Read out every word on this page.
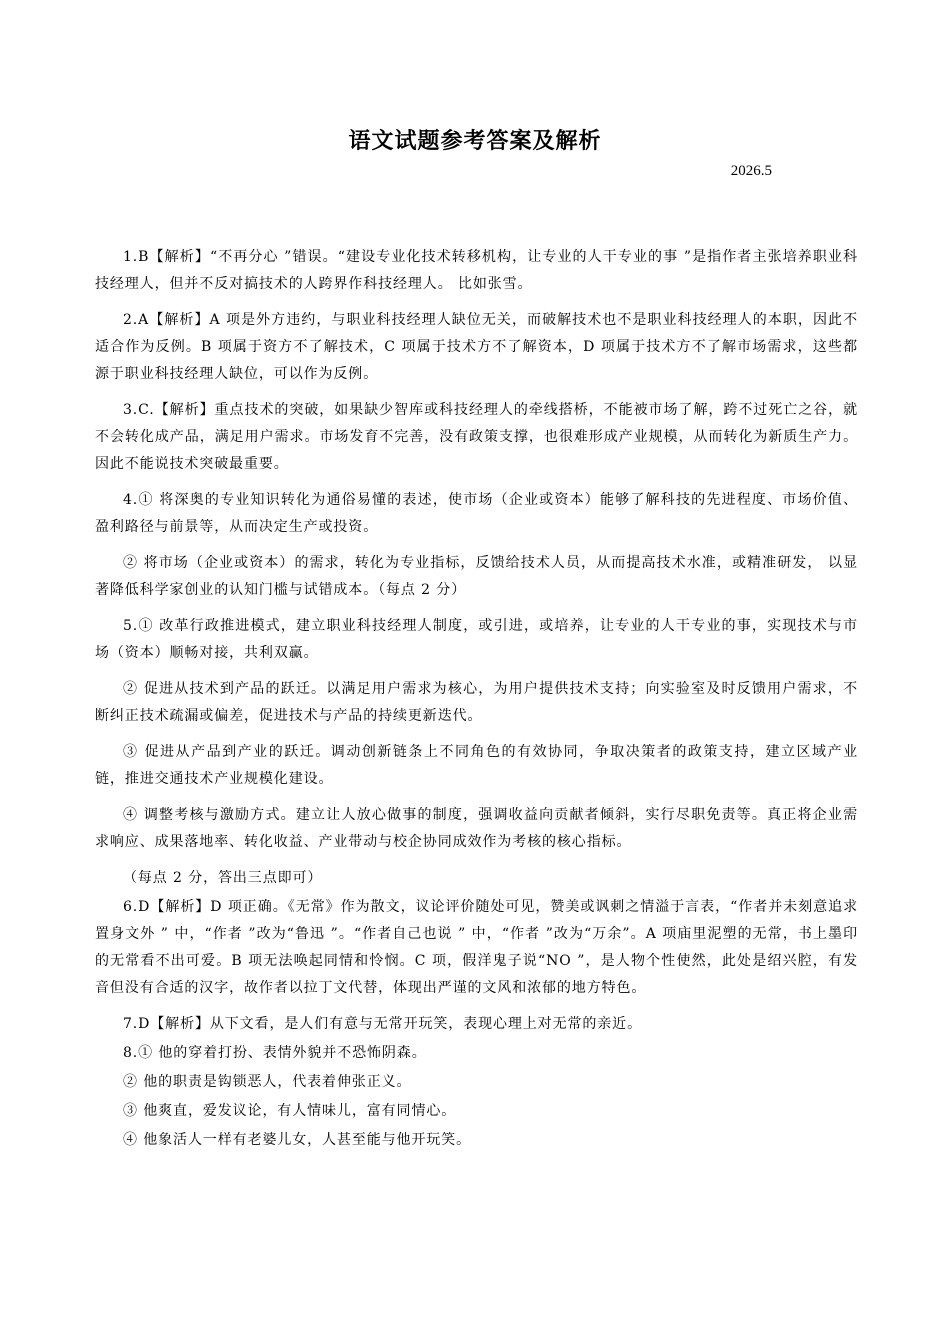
语文试题参考答案及解析
2026.5

1.B【解析】“不再分心 ”错误。“建设专业化技术转移机构，让专业的人干专业的事 ”是指作者主张培养职业科技经理人，但并不反对搞技术的人跨界作科技经理人。 比如张雪。

2.A【解析】A 项是外方违约，与职业科技经理人缺位无关，而破解技术也不是职业科技经理人的本职，因此不适合作为反例。B 项属于资方不了解技术，C 项属于技术方不了解资本，D 项属于技术方不了解市场需求，这些都源于职业科技经理人缺位，可以作为反例。

3.C.【解析】重点技术的突破，如果缺少智库或科技经理人的牵线搭桥，不能被市场了解，跨不过死亡之谷，就不会转化成产品，满足用户需求。市场发育不完善，没有政策支撑，也很难形成产业规模，从而转化为新质生产力。 因此不能说技术突破最重要。

4.① 将深奥的专业知识转化为通俗易懂的表述，使市场（企业或资本）能够了解科技的先进程度、市场价值、盈利路径与前景等，从而决定生产或投资。

② 将市场（企业或资本）的需求，转化为专业指标，反馈给技术人员，从而提高技术水准，或精准研发， 以显著降低科学家创业的认知门槛与试错成本。（每点 2 分）

5.① 改革行政推进模式，建立职业科技经理人制度，或引进，或培养，让专业的人干专业的事，实现技术与市场（资本）顺畅对接，共利双赢。

② 促进从技术到产品的跃迁。以满足用户需求为核心，为用户提供技术支持；向实验室及时反馈用户需求，不断纠正技术疏漏或偏差，促进技术与产品的持续更新迭代。

③ 促进从产品到产业的跃迁。调动创新链条上不同角色的有效协同，争取决策者的政策支持，建立区域产业链，推进交通技术产业规模化建设。

④ 调整考核与激励方式。建立让人放心做事的制度，强调收益向贡献者倾斜，实行尽职免责等。真正将企业需求响应、成果落地率、转化收益、产业带动与校企协同成效作为考核的核心指标。

（每点 2 分，答出三点即可）

6.D【解析】D 项正确。《无常》作为散文，议论评价随处可见，赞美或讽刺之情溢于言表，“作者并未刻意追求置身文外 ” 中，“作者 ”改为“鲁迅 ”。“作者自己也说 ” 中，“作者 ”改为“万余”。A 项庙里泥塑的无常，书上墨印的无常看不出可爱。B 项无法唤起同情和怜悯。C 项，假洋鬼子说“NO ”，是人物个性使然，此处是绍兴腔，有发音但没有合适的汉字，故作者以拉丁文代替，体现出严谨的文风和浓郁的地方特色。

7.D【解析】从下文看，是人们有意与无常开玩笑，表现心理上对无常的亲近。

8.① 他的穿着打扮、表情外貌并不恐怖阴森。

② 他的职责是钩锁恶人，代表着伸张正义。

③ 他爽直，爱发议论，有人情味儿，富有同情心。

④ 他象活人一样有老婆儿女，人甚至能与他开玩笑。
